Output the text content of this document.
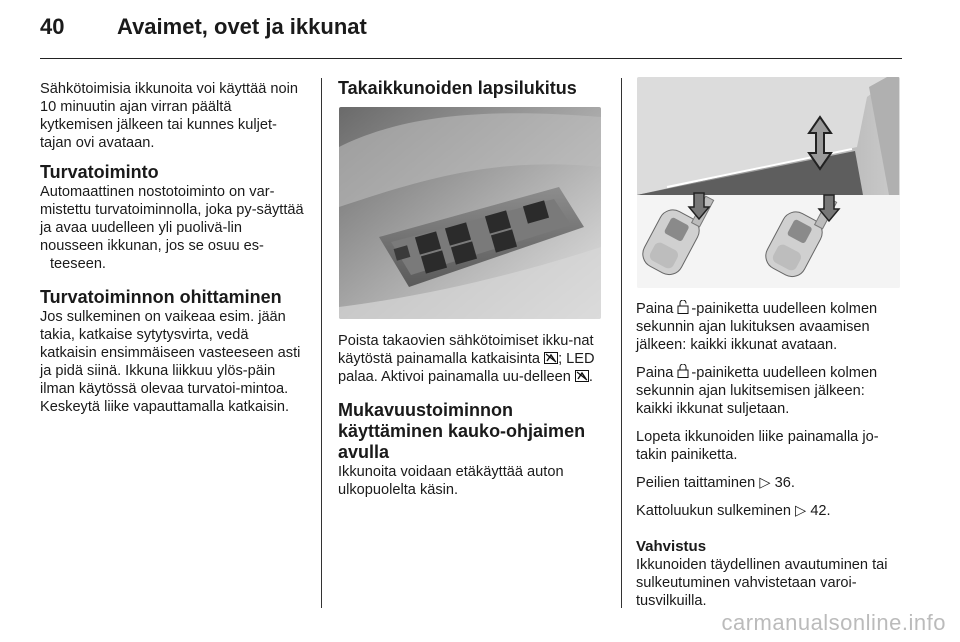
40 Avaimet, ovet ja ikkunat

Sähkötoimisia ikkunoita voi käyttää noin 10 minuutin ajan virran päältä kytkemisen jälkeen tai kunnes kuljet-tajan ovi avataan.

Turvatoiminto

Automaattinen nostotoiminto on var-mistettu turvatoiminnolla, joka py-säyttää ja avaa uudelleen yli puolivä-lin nousseen ikkunan, jos se osuu es-
teeseen.

Turvatoiminnon ohittaminen

Jos sulkeminen on vaikeaa esim. jään takia, katkaise sytytysvirta, vedä katkaisin ensimmäiseen vasteeseen asti ja pidä siinä. Ikkuna liikkuu ylös-päin ilman käytössä olevaa turvatoi-mintoa. Keskeytä liike vapauttamalla katkaisin.

Takaikkunoiden lapsilukitus

Poista takaovien sähkötoimiset ikku-nat käytöstä painamalla katkaisinta ; LED palaa. Aktivoi painamalla uu-delleen .

Mukavuustoiminnon käyttäminen kauko-ohjaimen avulla

Ikkunoita voidaan etäkäyttää auton ulkopuolelta käsin.

Paina -painiketta uudelleen kolmen sekunnin ajan lukituksen avaamisen jälkeen: kaikki ikkunat avataan.

Paina -painiketta uudelleen kolmen sekunnin ajan lukitsemisen jälkeen: kaikki ikkunat suljetaan.

Lopeta ikkunoiden liike painamalla jo-takin painiketta.

Peilien taittaminen ▷ 36.

Kattoluukun sulkeminen ▷ 42.

Vahvistus

Ikkunoiden täydellinen avautuminen tai sulkeutuminen vahvistetaan varoi-tusvilkuilla.

carmanualsonline.info
